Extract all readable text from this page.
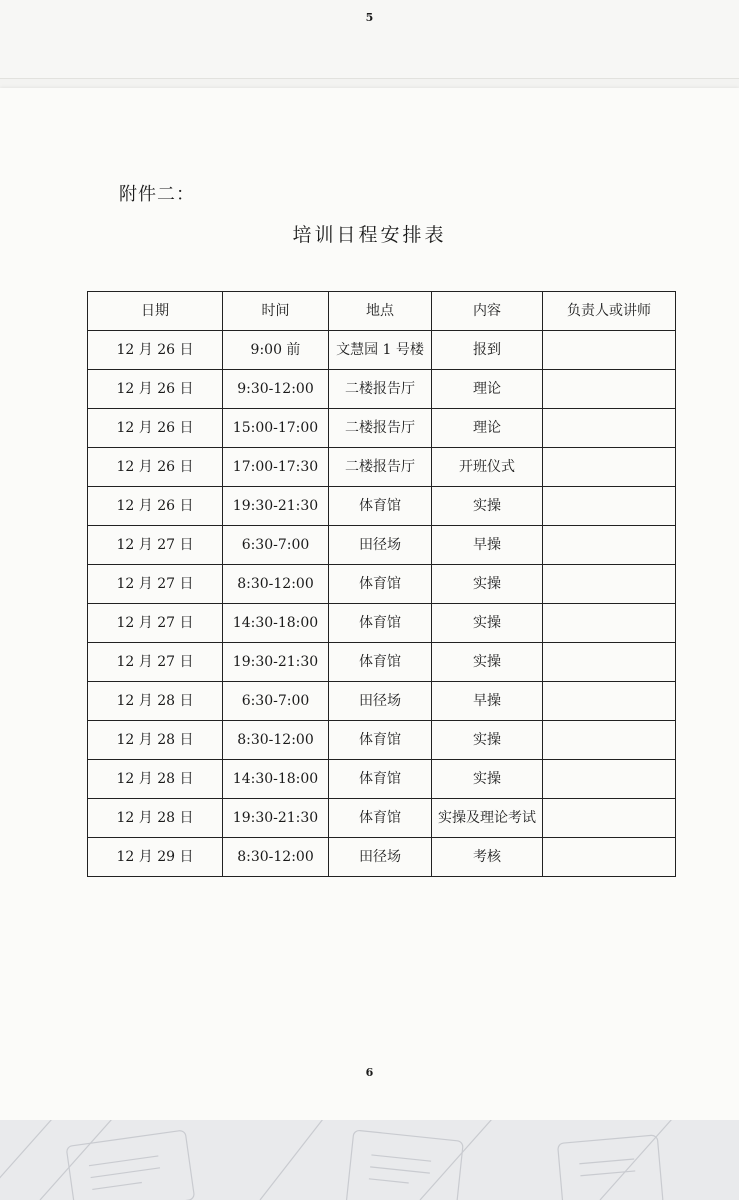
5
附件二：
培训日程安排表
日期	时间	地点	内容	负责人或讲师
12 月 26 日	9:00 前	文慧园 1 号楼	报到	
12 月 26 日	9:30-12:00	二楼报告厅	理论	
12 月 26 日	15:00-17:00	二楼报告厅	理论	
12 月 26 日	17:00-17:30	二楼报告厅	开班仪式	
12 月 26 日	19:30-21:30	体育馆	实操	
12 月 27 日	6:30-7:00	田径场	早操	
12 月 27 日	8:30-12:00	体育馆	实操	
12 月 27 日	14:30-18:00	体育馆	实操	
12 月 27 日	19:30-21:30	体育馆	实操	
12 月 28 日	6:30-7:00	田径场	早操	
12 月 28 日	8:30-12:00	体育馆	实操	
12 月 28 日	14:30-18:00	体育馆	实操	
12 月 28 日	19:30-21:30	体育馆	实操及理论考试	
12 月 29 日	8:30-12:00	田径场	考核	
6
